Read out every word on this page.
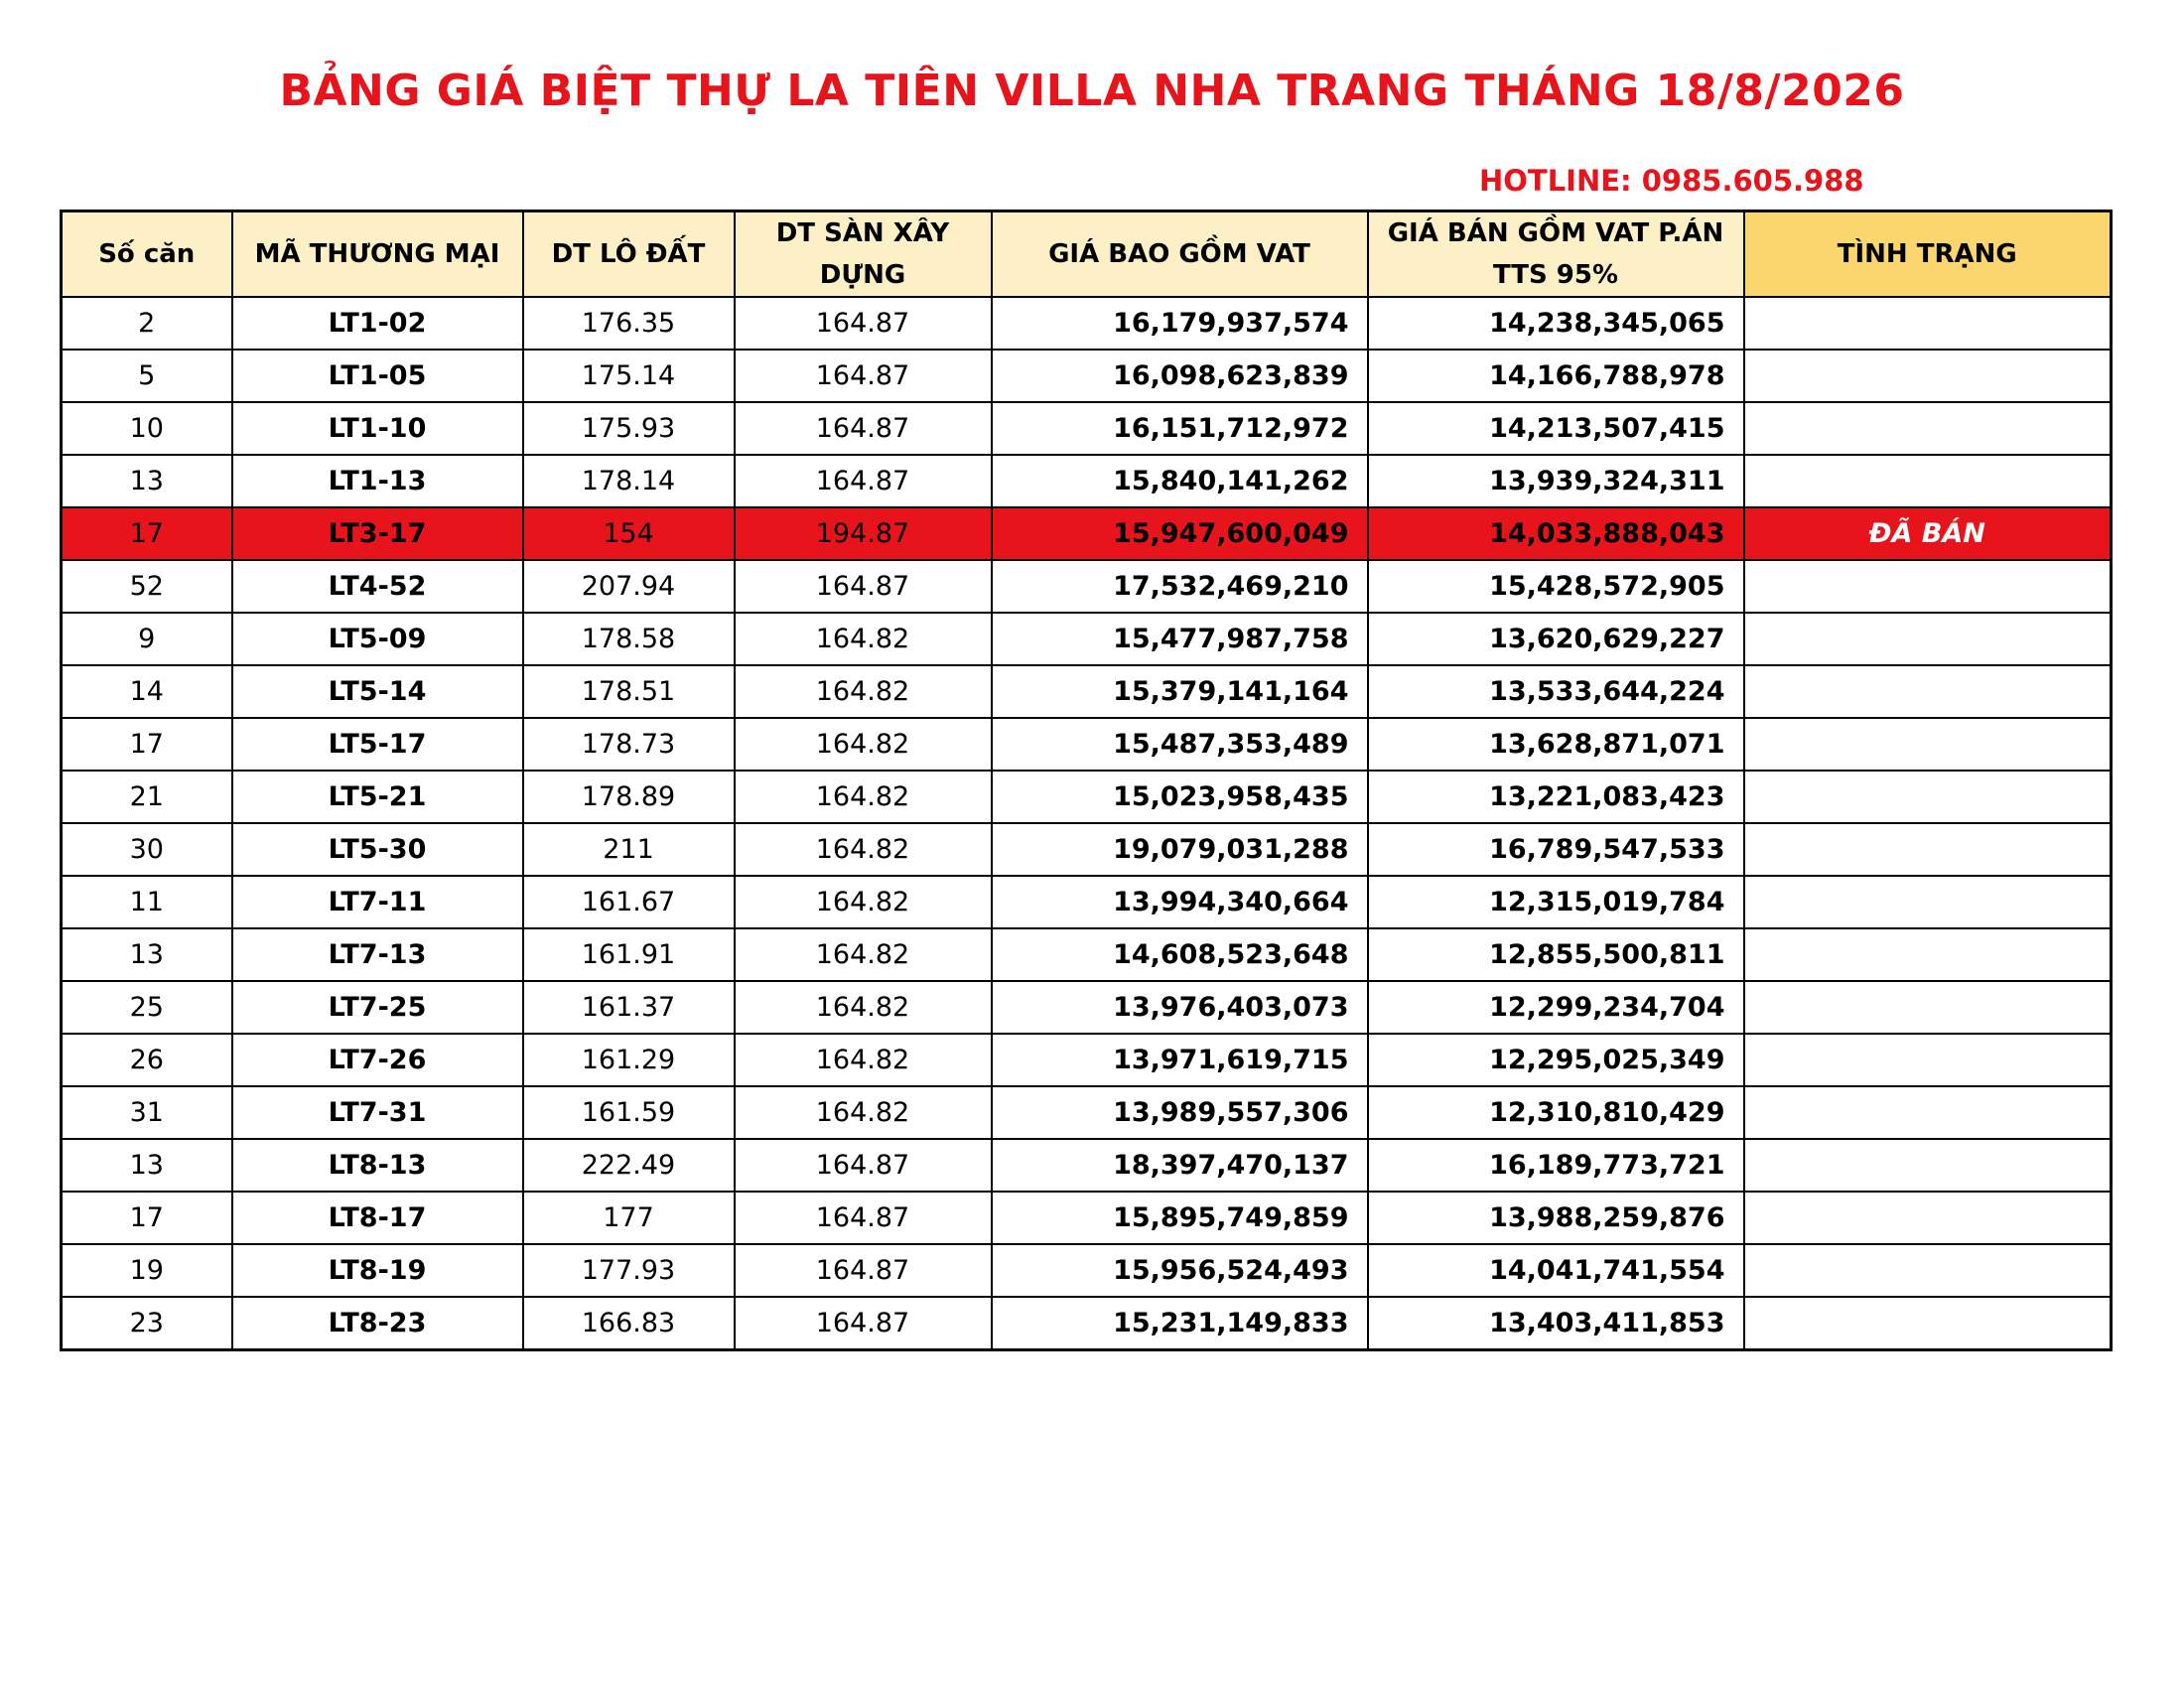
BẢNG GIÁ BIỆT THỰ LA TIÊN VILLA NHA TRANG THÁNG 18/8/2026
HOTLINE: 0985.605.988
Số căn	MÃ THƯƠNG MẠI	DT LÔ ĐẤT	DT SÀN XÂY DỰNG	GIÁ BAO GỒM VAT	GIÁ BÁN GỒM VAT P.ÁN TTS 95%	TÌNH TRẠNG
2	LT1-02	176.35	164.87	16,179,937,574	14,238,345,065	
5	LT1-05	175.14	164.87	16,098,623,839	14,166,788,978	
10	LT1-10	175.93	164.87	16,151,712,972	14,213,507,415	
13	LT1-13	178.14	164.87	15,840,141,262	13,939,324,311	
17	LT3-17	154	194.87	15,947,600,049	14,033,888,043	ĐÃ BÁN
52	LT4-52	207.94	164.87	17,532,469,210	15,428,572,905	
9	LT5-09	178.58	164.82	15,477,987,758	13,620,629,227	
14	LT5-14	178.51	164.82	15,379,141,164	13,533,644,224	
17	LT5-17	178.73	164.82	15,487,353,489	13,628,871,071	
21	LT5-21	178.89	164.82	15,023,958,435	13,221,083,423	
30	LT5-30	211	164.82	19,079,031,288	16,789,547,533	
11	LT7-11	161.67	164.82	13,994,340,664	12,315,019,784	
13	LT7-13	161.91	164.82	14,608,523,648	12,855,500,811	
25	LT7-25	161.37	164.82	13,976,403,073	12,299,234,704	
26	LT7-26	161.29	164.82	13,971,619,715	12,295,025,349	
31	LT7-31	161.59	164.82	13,989,557,306	12,310,810,429	
13	LT8-13	222.49	164.87	18,397,470,137	16,189,773,721	
17	LT8-17	177	164.87	15,895,749,859	13,988,259,876	
19	LT8-19	177.93	164.87	15,956,524,493	14,041,741,554	
23	LT8-23	166.83	164.87	15,231,149,833	13,403,411,853	
